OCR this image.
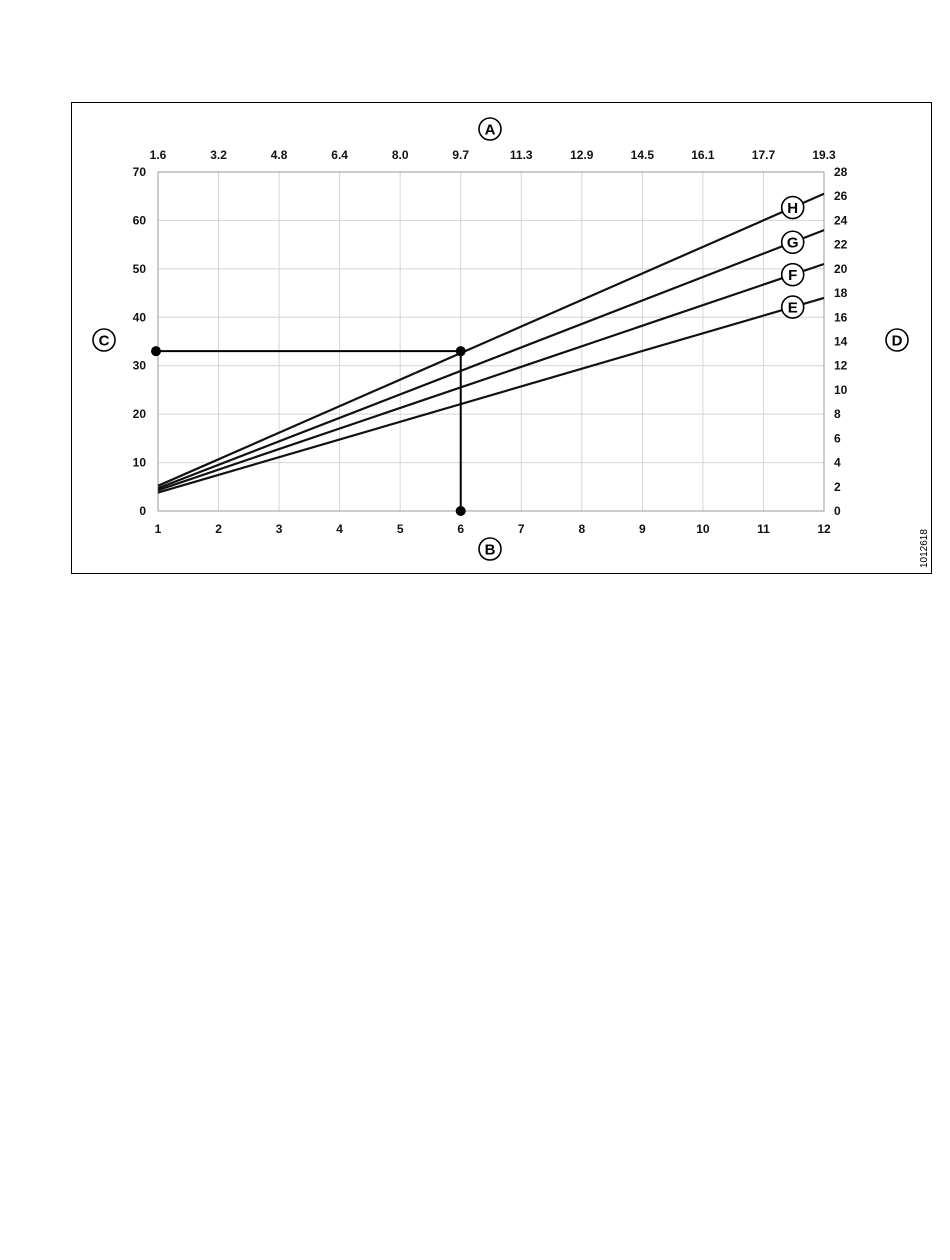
1	2	3	4	5	6	7	8	9	10	11	12
1.6	3.2	4.8	6.4	8.0	9.7	11.3	12.9	14.5	16.1	17.7	19.3
0
10
20
30
40
50
60
70
0
2
4
6
8
10
12
14
16
18
20
22
24
26
28
E
F
G
H
A
B
C	D
1012618
